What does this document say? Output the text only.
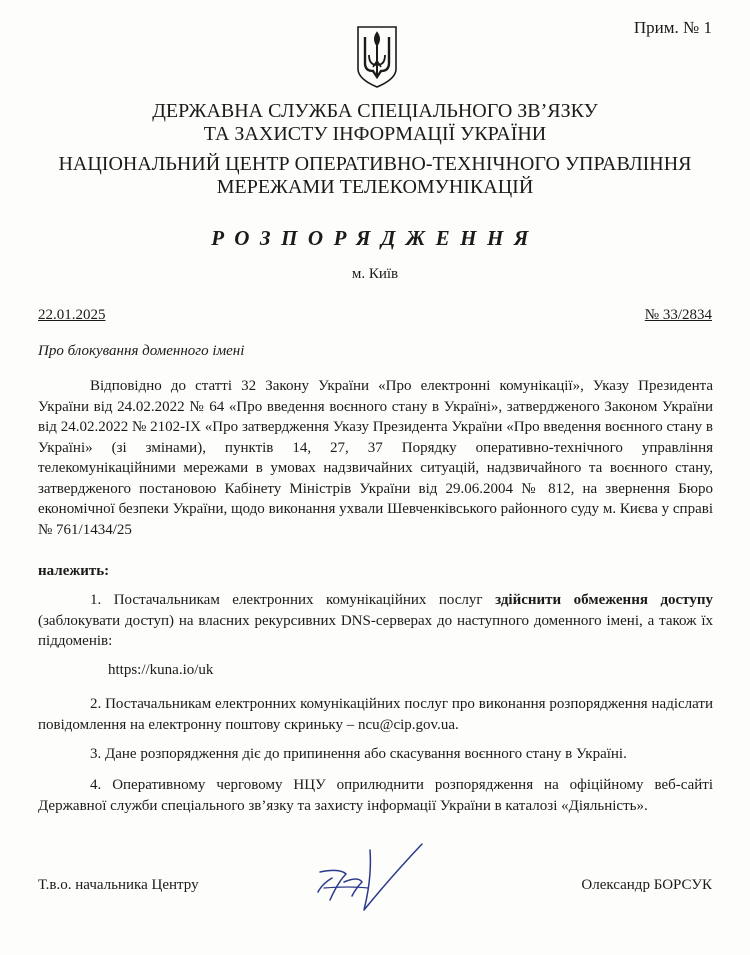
Прим. № 1
ДЕРЖАВНА СЛУЖБА СПЕЦІАЛЬНОГО ЗВ’ЯЗКУ
ТА ЗАХИСТУ ІНФОРМАЦІЇ УКРАЇНИ
НАЦІОНАЛЬНИЙ ЦЕНТР ОПЕРАТИВНО-ТЕХНІЧНОГО УПРАВЛІННЯ
МЕРЕЖАМИ ТЕЛЕКОМУНІКАЦІЙ
РОЗПОРЯДЖЕННЯ
м. Київ
22.01.2025	№ 33/2834
Про блокування доменного імені

Відповідно до статті 32 Закону України «Про електронні комунікації», Указу Президента України від 24.02.2022 № 64 «Про введення воєнного стану в Україні», затвердженого Законом України від 24.02.2022 № 2102-ІХ «Про затвердження Указу Президента України «Про введення воєнного стану в Україні» (зі змінами), пунктів 14, 27, 37 Порядку оперативно-технічного управління телекомунікаційними мережами в умовах надзвичайних ситуацій, надзвичайного та воєнного стану, затвердженого постановою Кабінету Міністрів України від 29.06.2004 № 812, на звернення Бюро економічної безпеки України, щодо виконання ухвали Шевченківського районного суду м. Києва у справі № 761/1434/25

належить:

1. Постачальникам електронних комунікаційних послуг здійснити обмеження доступу (заблокувати доступ) на власних рекурсивних DNS-серверах до наступного доменного імені, а також їх піддоменів:

https://kuna.io/uk

2. Постачальникам електронних комунікаційних послуг про виконання розпорядження надіслати повідомлення на електронну поштову скриньку – ncu@cip.gov.ua.

3. Дане розпорядження діє до припинення або скасування воєнного стану в Україні.

4. Оперативному черговому НЦУ оприлюднити розпорядження на офіційному веб-сайті Державної служби спеціального зв’язку та захисту інформації України в каталозі «Діяльність».

Т.в.о. начальника Центру	Олександр БОРСУК
